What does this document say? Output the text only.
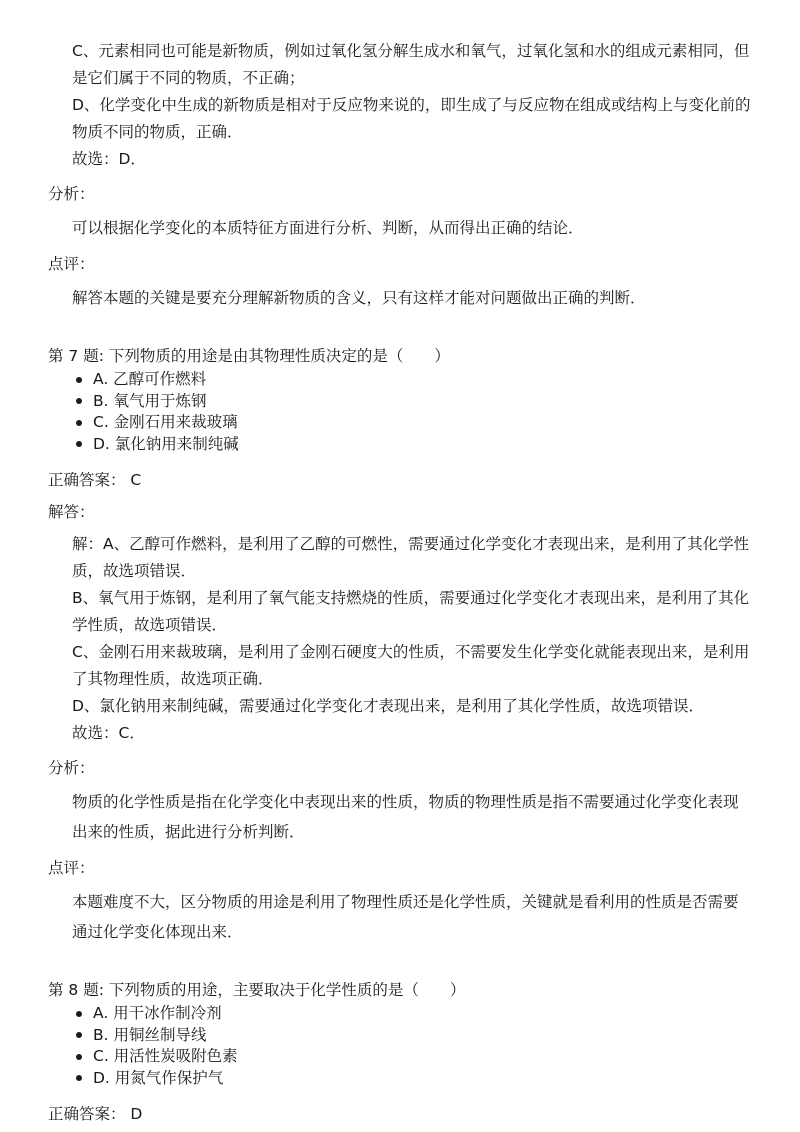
C、元素相同也可能是新物质，例如过氧化氢分解生成水和氧气，过氧化氢和水的组成元素相同，但是它们属于不同的物质，不正确；
D、化学变化中生成的新物质是相对于反应物来说的，即生成了与反应物在组成或结构上与变化前的物质不同的物质，正确．
故选：D．
分析：
可以根据化学变化的本质特征方面进行分析、判断，从而得出正确的结论．
点评：
解答本题的关键是要充分理解新物质的含义，只有这样才能对问题做出正确的判断．
第 7 题: 下列物质的用途是由其物理性质决定的是（　　）
A. 乙醇可作燃料
B. 氧气用于炼钢
C. 金刚石用来裁玻璃
D. 氯化钠用来制纯碱
正确答案： C
解答：
解：A、乙醇可作燃料，是利用了乙醇的可燃性，需要通过化学变化才表现出来，是利用了其化学性质，故选项错误．
B、氧气用于炼钢，是利用了氧气能支持燃烧的性质，需要通过化学变化才表现出来，是利用了其化学性质，故选项错误．
C、金刚石用来裁玻璃，是利用了金刚石硬度大的性质，不需要发生化学变化就能表现出来，是利用了其物理性质，故选项正确．
D、氯化钠用来制纯碱，需要通过化学变化才表现出来，是利用了其化学性质，故选项错误．
故选：C．
分析：
物质的化学性质是指在化学变化中表现出来的性质，物质的物理性质是指不需要通过化学变化表现出来的性质，据此进行分析判断．
点评：
本题难度不大，区分物质的用途是利用了物理性质还是化学性质，关键就是看利用的性质是否需要通过化学变化体现出来．
第 8 题: 下列物质的用途，主要取决于化学性质的是（　　）
A. 用干冰作制冷剂
B. 用铜丝制导线
C. 用活性炭吸附色素
D. 用氮气作保护气
正确答案： D
